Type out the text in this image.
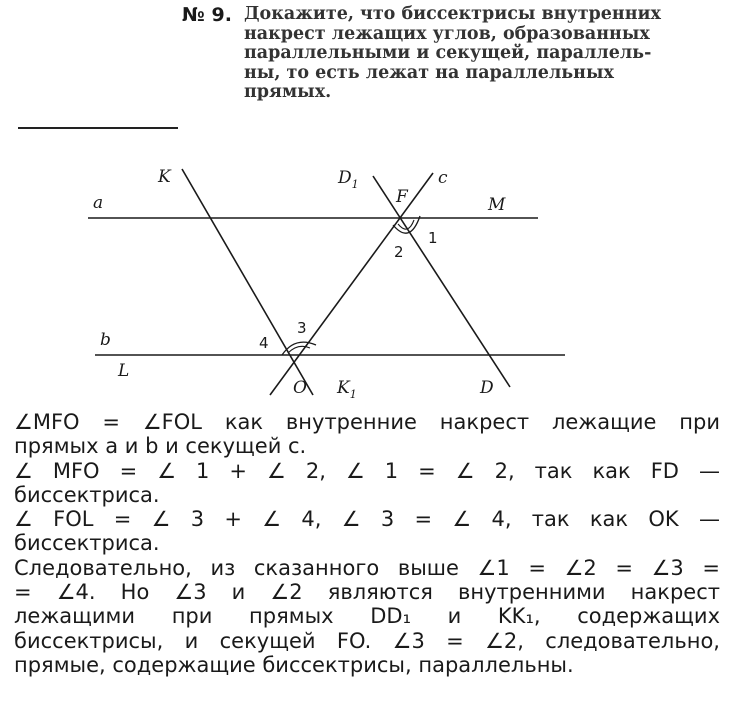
№ 9. Докажите, что биссектрисы внутренних
накрест лежащих углов, образованных
параллельными и секущей, параллель-
ны, то есть лежат на параллельных
прямых.
K	$D_1$
F
c
a	M
1
2
3
4
b
L
O $K_1$	D
∠MFO = ∠FOL как внутренние накрест лежащие при
прямых a и b и секущей c.
∠ MFO = ∠ 1 + ∠ 2, ∠ 1 = ∠ 2, так как FD —
биссектриса.
∠ FOL = ∠ 3 + ∠ 4, ∠ 3 = ∠ 4, так как OK —
биссектриса.
Следовательно, из сказанного выше ∠1 = ∠2 = ∠3 =
= ∠4. Но ∠3 и ∠2 являются внутренними накрест
лежащими при прямых DD₁ и KK₁, содержащих
биссектрисы, и секущей FO. ∠3 = ∠2, следовательно,
прямые, содержащие биссектрисы, параллельны.
